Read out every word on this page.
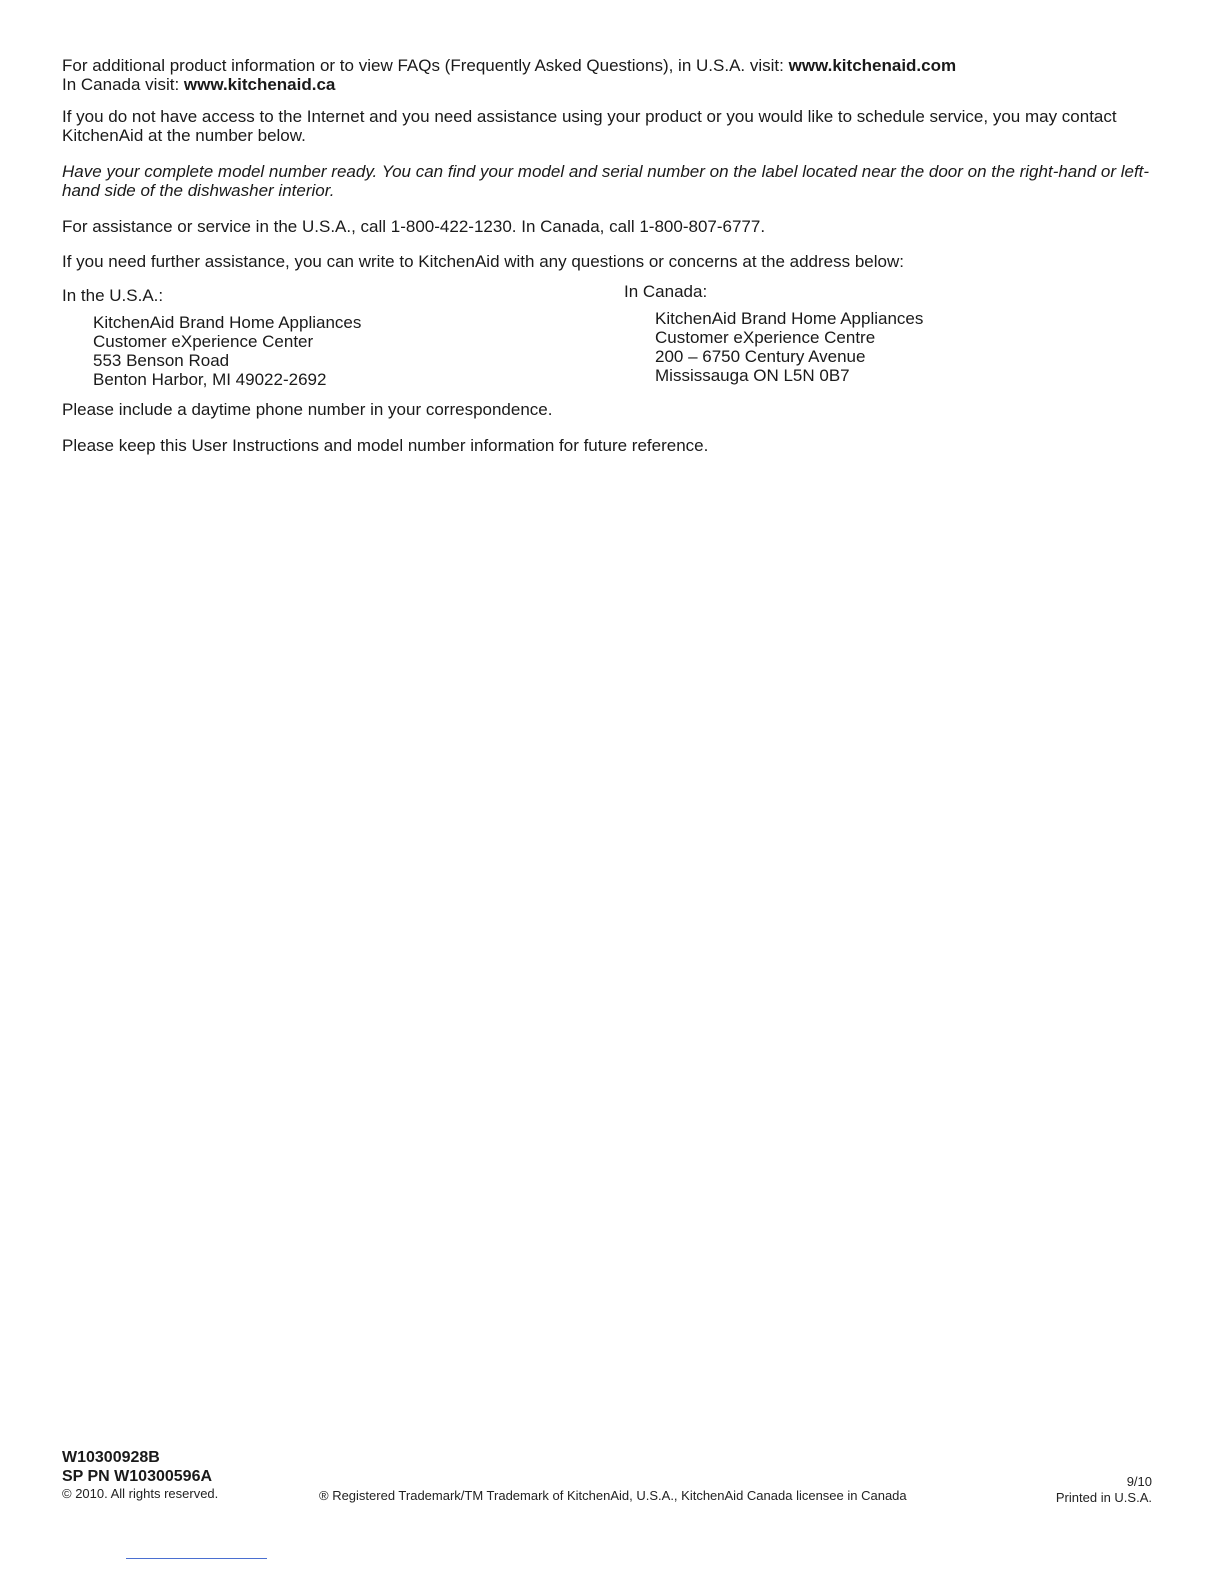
For additional product information or to view FAQs (Frequently Asked Questions), in U.S.A. visit: www.kitchenaid.com
In Canada visit: www.kitchenaid.ca

If you do not have access to the Internet and you need assistance using your product or you would like to schedule service, you may contact KitchenAid at the number below.

Have your complete model number ready. You can find your model and serial number on the label located near the door on the right-hand or left-hand side of the dishwasher interior.

For assistance or service in the U.S.A., call 1-800-422-1230. In Canada, call 1-800-807-6777.

If you need further assistance, you can write to KitchenAid with any questions or concerns at the address below:

In the U.S.A.:
KitchenAid Brand Home Appliances
Customer eXperience Center
553 Benson Road
Benton Harbor, MI 49022-2692
In Canada:
KitchenAid Brand Home Appliances
Customer eXperience Centre
200 – 6750 Century Avenue
Mississauga ON L5N 0B7

Please include a daytime phone number in your correspondence.

Please keep this User Instructions and model number information for future reference.

W10300928B
SP PN W10300596A
© 2010. All rights reserved.	® Registered Trademark/TM Trademark of KitchenAid, U.S.A., KitchenAid Canada licensee in Canada
9/10
Printed in U.S.A.
